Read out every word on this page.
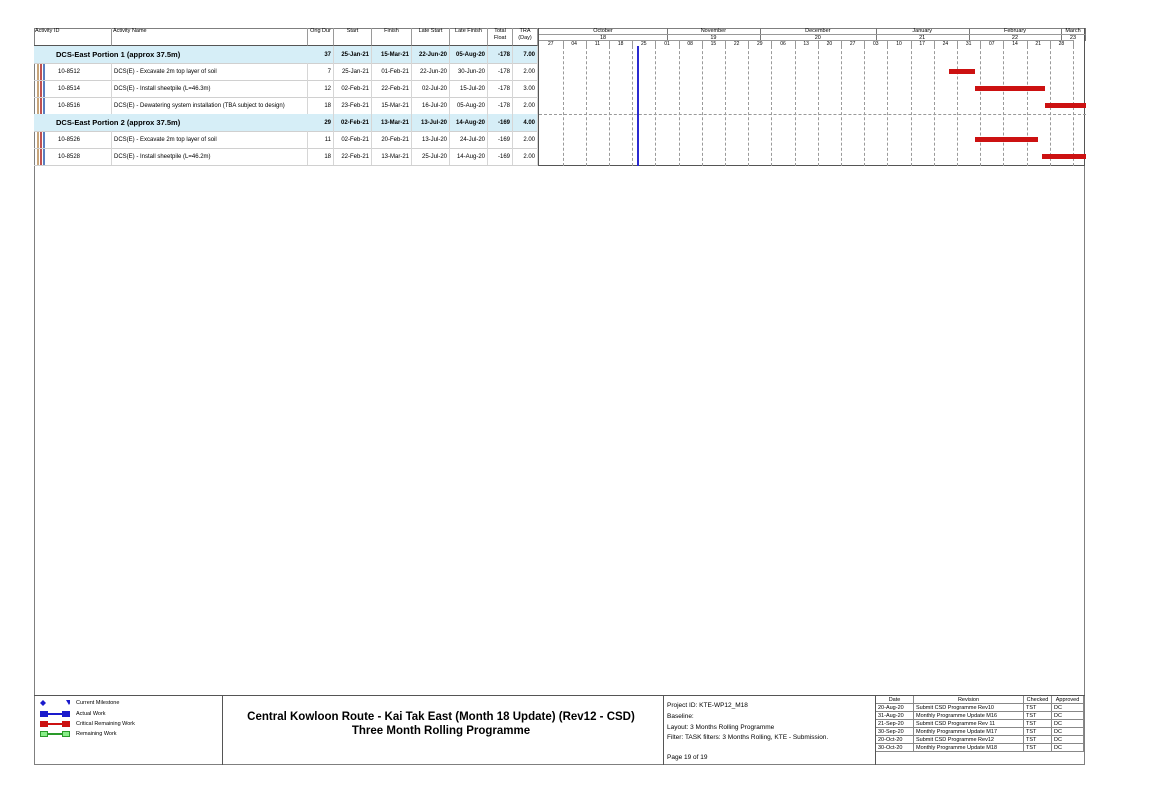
Activity ID	Activity Name	Orig Dur	Start	Finish	Late Start	Late Finish	Total Float
TRA (Day)
DCS-East Portion 1 (approx 37.5m)	37	25-Jan-21	15-Mar-21	22-Jun-20	05-Aug-20	-178	7.00
10-8512	DCS(E) - Excavate 2m top layer of soil	7	25-Jan-21	01-Feb-21	22-Jun-20	30-Jun-20	-178	2.00
10-8514	DCS(E) - Install sheetpile (L=46.3m)	12	02-Feb-21	22-Feb-21	02-Jul-20	15-Jul-20	-178	3.00
10-8516	DCS(E) - Dewatering system installation (TBA subject to design)	18	23-Feb-21	15-Mar-21	16-Jul-20	05-Aug-20	-178	2.00
DCS-East Portion 2 (approx 37.5m)	29	02-Feb-21	13-Mar-21	13-Jul-20	14-Aug-20	-169	4.00
10-8526	DCS(E) - Excavate 2m top layer of soil	11	02-Feb-21	20-Feb-21	13-Jul-20	24-Jul-20	-169	2.00
10-8528	DCS(E) - Install sheetpile (L=46.2m)	18	22-Feb-21	13-Mar-21	25-Jul-20	14-Aug-20	-169	2.00
October
18
November
19
December
20
January
21
February
22
March
23
27	04	11	18	25	01	08	15	22	29	06	13	20	27	03	10	17	24	31	07	14	21	28
Current Milestone
Actual Work
Critical Remaining Work
Remaining Work
Central Kowloon Route - Kai Tak East (Month 18 Update) (Rev12 - CSD)
Three Month Rolling Programme
Project ID: KTE-WP12_M18
Baseline:
Layout: 3 Months Rolling Programme
Filter: TASK filters: 3 Months Rolling, KTE - Submission.
Page 19 of 19
Date	Revision	Checked	Approved
20-Aug-20	Submit CSD Programme Rev10	TST	DC
31-Aug-20	Monthly Programme Update M16	TST	DC
21-Sep-20	Submit CSD Programme Rev 11	TST	DC
30-Sep-20	Monthly Programme Update M17	TST	DC
20-Oct-20	Submit CSD Programme Rev12	TST	DC
30-Oct-20	Monthly Programme Update M18	TST	DC
